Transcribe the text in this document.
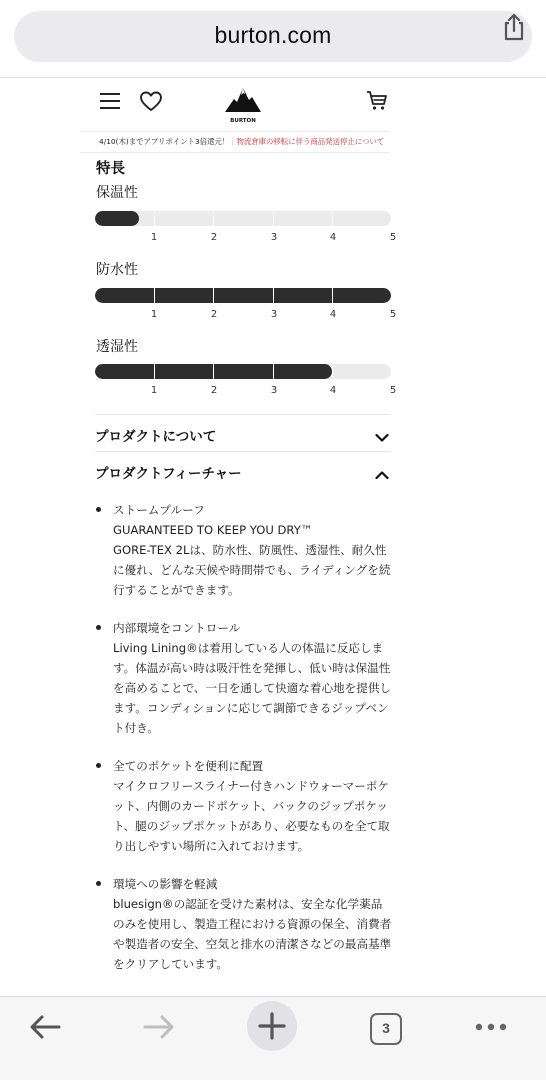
burton.com
BURTON
4/10(木)までアプリポイント3倍還元！ | 物流倉庫の移転に伴う商品発送停止について
特長
保温性
1	2	3	4	5
防水性
1	2	3	4	5
透湿性
1	2	3	4	5
プロダクトについて
プロダクトフィーチャー
ストームプルーフ
GUARANTEED TO KEEP YOU DRY™
GORE-TEX 2Lは、防水性、防風性、透湿性、耐久性に優れ、どんな天候や時間帯でも、ライディングを続行することができます。
内部環境をコントロール
Living Lining®は着用している人の体温に反応します。体温が高い時は吸汗性を発揮し、低い時は保温性を高めることで、一日を通して快適な着心地を提供します。コンディションに応じて調節できるジップベント付き。
全てのポケットを便利に配置
マイクロフリースライナー付きハンドウォーマーポケット、内側のカードポケット、バックのジップポケット、腿のジップポケットがあり、必要なものを全て取り出しやすい場所に入れておけます。
環境への影響を軽減
bluesign®の認証を受けた素材は、安全な化学薬品のみを使用し、製造工程における資源の保全、消費者や製造者の安全、空気と排水の清潔さなどの最高基準をクリアしています。
3
